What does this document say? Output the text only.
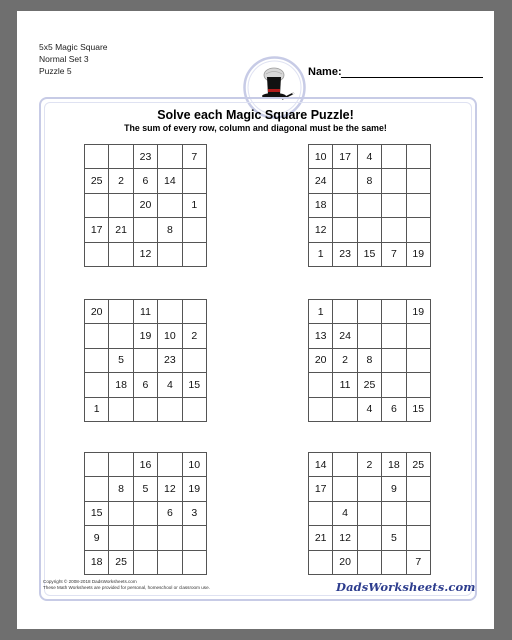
5x5 Magic Square
Normal Set 3
Puzzle 5	Name:
Solve each Magic Square Puzzle!
The sum of every row, column and diagonal must be the same!
		23		7
25	2	6	14	
		20		1
17	21		8	
		12		
10	17	4		
24		8		
18				
12				
1	23	15	7	19
20		11		
		19	10	2
	5		23	
	18	6	4	15
1				
1				19
13	24			
20	2	8		
	11	25		
		4	6	15
		16		10
	8	5	12	19
15			6	3
9				
18	25			
14		2	18	25
17			9	
	4			
21	12		5	
	20			7
Copyright © 2008-2018 DadsWorksheets.com
These Math Worksheets are provided for personal, homeschool or classroom use.	DadsWorksheets.com
